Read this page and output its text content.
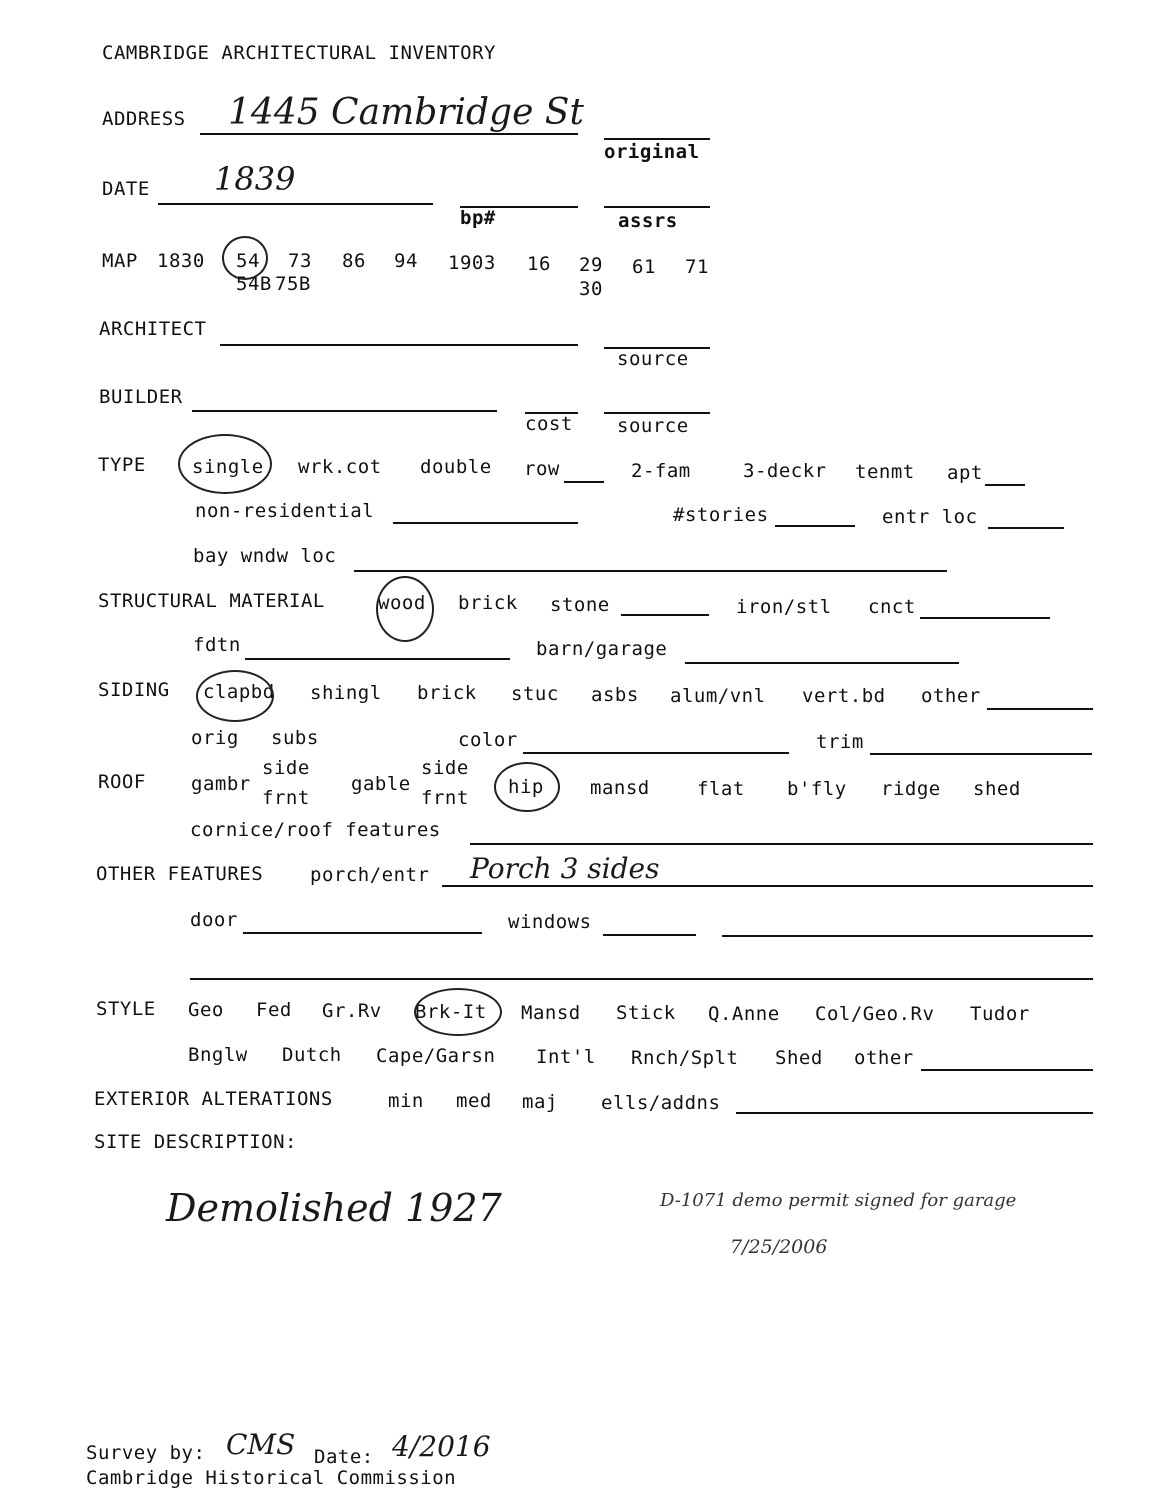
CAMBRIDGE ARCHITECTURAL INVENTORY
ADDRESS 1445 Cambridge St
original
DATE 1839
bp#	assrs
MAP 1830 54 73 86 94 1903 16 29 61 71
54B 75B	30
ARCHITECT
source
BUILDER
cost source
TYPE single wrk.cot double row	2-fam	3-deckr tenmt apt
non-residential	#stories	entr loc
bay wndw loc
STRUCTURAL MATERIAL	wood brick stone	iron/stl cnct
fdtn	barn/garage
SIDING clapbd shingl brick stuc asbs alum/vnl vert.bd other
orig subs	color	trim
ROOF gambr
side
frnt
gable
side
frnt hip mansd flat b'fly ridge shed
cornice/roof features
OTHER FEATURES porch/entr Porch 3 sides
door	windows
STYLE Geo Fed Gr.Rv Brk-It Mansd Stick Q.Anne Col/Geo.Rv Tudor
Bnglw Dutch Cape/Garsn Int'l Rnch/Splt Shed other
EXTERIOR ALTERATIONS	min med maj ells/addns
SITE DESCRIPTION:
Demolished 1927	D-1071 demo permit signed for garage
7/25/2006
Survey by: CMS Date: 4/2016
Cambridge Historical Commission
